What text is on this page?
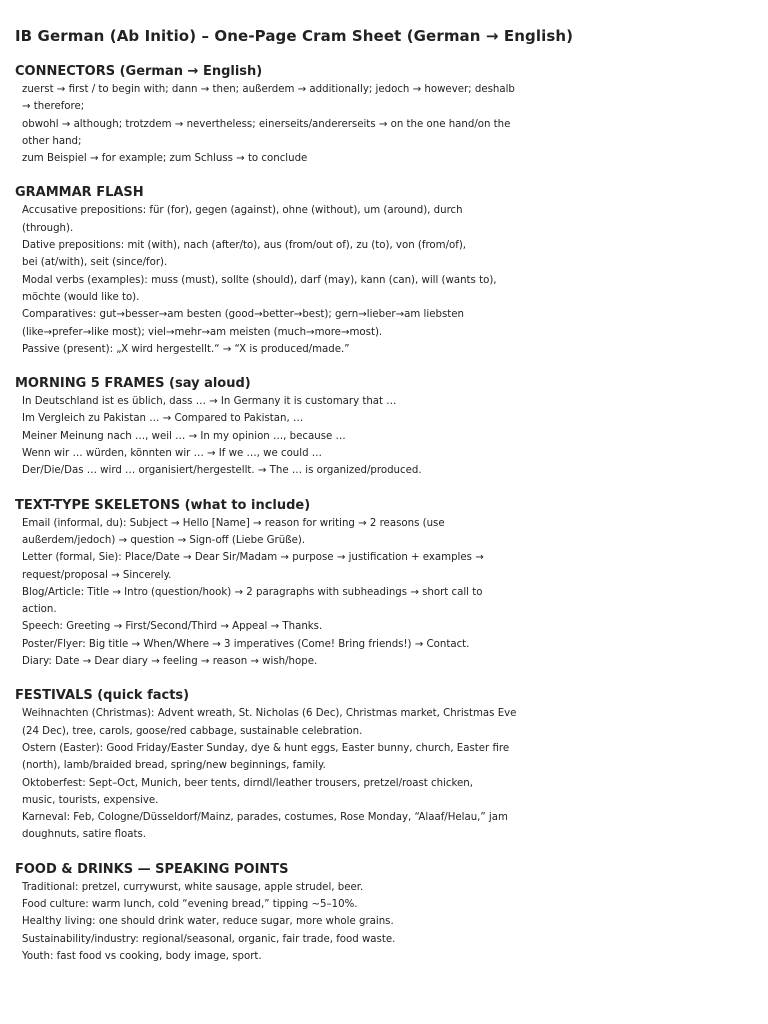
IB German (Ab Initio) – One-Page Cram Sheet (German → English)
CONNECTORS (German → English)
zuerst → first / to begin with; dann → then; außerdem → additionally; jedoch → however; deshalb
→ therefore;
obwohl → although; trotzdem → nevertheless; einerseits/andererseits → on the one hand/on the
other hand;
zum Beispiel → for example; zum Schluss → to conclude
GRAMMAR FLASH
Accusative prepositions: für (for), gegen (against), ohne (without), um (around), durch
(through).
Dative prepositions: mit (with), nach (after/to), aus (from/out of), zu (to), von (from/of),
bei (at/with), seit (since/for).
Modal verbs (examples): muss (must), sollte (should), darf (may), kann (can), will (wants to),
möchte (would like to).
Comparatives: gut→besser→am besten (good→better→best); gern→lieber→am liebsten
(like→prefer→like most); viel→mehr→am meisten (much→more→most).
Passive (present): „X wird hergestellt.“ → “X is produced/made.”
MORNING 5 FRAMES (say aloud)
In Deutschland ist es üblich, dass … → In Germany it is customary that …
Im Vergleich zu Pakistan … → Compared to Pakistan, …
Meiner Meinung nach …, weil … → In my opinion …, because …
Wenn wir … würden, könnten wir … → If we …, we could …
Der/Die/Das … wird … organisiert/hergestellt. → The … is organized/produced.
TEXT-TYPE SKELETONS (what to include)
Email (informal, du): Subject → Hello [Name] → reason for writing → 2 reasons (use
außerdem/jedoch) → question → Sign-off (Liebe Grüße).
Letter (formal, Sie): Place/Date → Dear Sir/Madam → purpose → justification + examples →
request/proposal → Sincerely.
Blog/Article: Title → Intro (question/hook) → 2 paragraphs with subheadings → short call to
action.
Speech: Greeting → First/Second/Third → Appeal → Thanks.
Poster/Flyer: Big title → When/Where → 3 imperatives (Come! Bring friends!) → Contact.
Diary: Date → Dear diary → feeling → reason → wish/hope.
FESTIVALS (quick facts)
Weihnachten (Christmas): Advent wreath, St. Nicholas (6 Dec), Christmas market, Christmas Eve
(24 Dec), tree, carols, goose/red cabbage, sustainable celebration.
Ostern (Easter): Good Friday/Easter Sunday, dye & hunt eggs, Easter bunny, church, Easter fire
(north), lamb/braided bread, spring/new beginnings, family.
Oktoberfest: Sept–Oct, Munich, beer tents, dirndl/leather trousers, pretzel/roast chicken,
music, tourists, expensive.
Karneval: Feb, Cologne/Düsseldorf/Mainz, parades, costumes, Rose Monday, “Alaaf/Helau,” jam
doughnuts, satire floats.
FOOD & DRINKS — SPEAKING POINTS
Traditional: pretzel, currywurst, white sausage, apple strudel, beer.
Food culture: warm lunch, cold “evening bread,” tipping ~5–10%.
Healthy living: one should drink water, reduce sugar, more whole grains.
Sustainability/industry: regional/seasonal, organic, fair trade, food waste.
Youth: fast food vs cooking, body image, sport.
